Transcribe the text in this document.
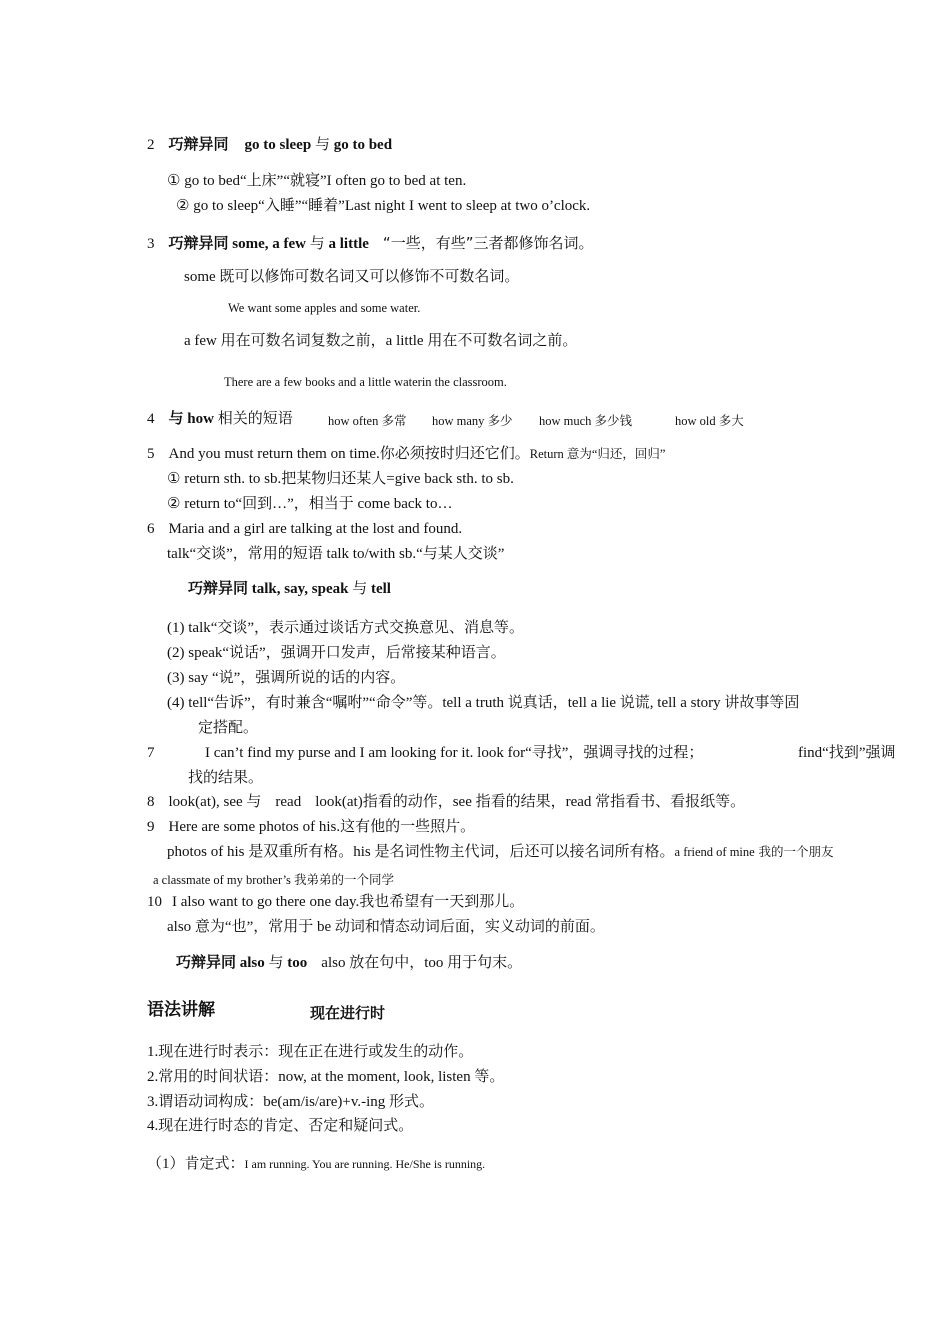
2 巧辩异同 go to sleep 与 go to bed
① go to bed“上床”“就寝”I often go to bed at ten.
② go to sleep“入睡”“睡着”Last night I went to sleep at two o’clock.
3 巧辩异同 some, a few 与 a little “一些，有些”三者都修饰名词。
some 既可以修饰可数名词又可以修饰不可数名词。
We want some apples and some water.
a few 用在可数名词复数之前，a little 用在不可数名词之前。
There are a few books and a little waterin the classroom.
4 与 how 相关的短语	how often 多常 how many 多少 how much 多少钱	how old 多大
5 And you must return them on time.你必须按时归还它们。Return 意为“归还，回归”
① return sth. to sb.把某物归还某人=give back sth. to sb.
② return to“回到…”，相当于 come back to…
6 Maria and a girl are talking at the lost and found.
talk“交谈”，常用的短语 talk to/with sb.“与某人交谈”
巧辩异同 talk, say, speak 与 tell
(1) talk“交谈”，表示通过谈话方式交换意见、消息等。
(2) speak“说话”，强调开口发声，后常接某种语言。
(3) say “说”，强调所说的话的内容。
(4) tell“告诉”，有时兼含“嘱咐”“命令”等。tell a truth 说真话，tell a lie 说谎, tell a story 讲故事等固
定搭配。
7	I can’t find my purse and I am looking for it. look for“寻找”，强调寻找的过程；	find“找到”强调
找的结果。
8 look(at), see 与 read look(at)指看的动作，see 指看的结果，read 常指看书、看报纸等。
9 Here are some photos of his.这有他的一些照片。
photos of his 是双重所有格。his 是名词性物主代词，后还可以接名词所有格。a friend of mine 我的一个朋友
a classmate of my brother’s 我弟弟的一个同学
10 I also want to go there one day.我也希望有一天到那儿。
also 意为“也”，常用于 be 动词和情态动词后面，实义动词的前面。
巧辩异同 also 与 too also 放在句中，too 用于句末。
语法讲解	现在进行时
1.现在进行时表示：现在正在进行或发生的动作。
2.常用的时间状语：now, at the moment, look, listen 等。
3.谓语动词构成：be(am/is/are)+v.-ing 形式。
4.现在进行时态的肯定、否定和疑问式。
（1）肯定式：I am running. You are running. He/She is running.
